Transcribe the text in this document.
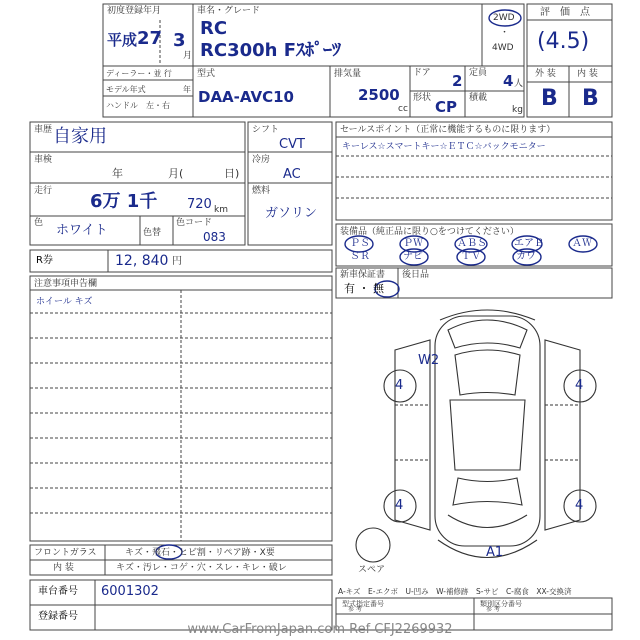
初度登録年月
平成 27 3
月
車名・グレード
RC
RC300h Fｽﾎﾟｰﾂ
2WD
・
4WD
ディーラー・並 行
モデル年式	年
ハンドル　左・右
型式
DAA-AVC10
排気量
2500
cc
ドア 2 定員 4 人
形状 CP 積載
kg
評　価　点
(4.5)
外 装 内 装
B B
車歴 自家用
車検
年	月(	日)
走行 6万 1千 720 km
色 ホワイト	色替
色コード
083
シフト
CVT
冷房
AC
燃料
ガソリン
R券	12, 840 円
セールスポイント（正常に機能するものに限ります）
キーレス☆スマートキー☆ＥＴＣ☆バックモニター
装備品（純正品に限り○をつけてください）
ＰＳ	ＰＷ	ＡＢＳ	エアＢ	ＡＷ
ＳＲ	ナビ	ＴＶ	カワ
新車保証書
有 ・ 無
後日品
注意事項申告欄
ホイール キズ
W2
4	4
4	4
A1
スペア
フロントガラス	キズ・飛石・ヒビ割・リペア跡・X要
内 装	キズ・汚レ・コゲ・穴・スレ・キレ・破レ
車台番号 6001302
登録番号
A-キズ　E-エクボ　U-凹み　W-補修跡　S-サビ　C-腐食　XX-交換済
型式指定番号	類別区分番号
参 考	参 考
www.CarFromJapan.com Ref CFJ2269932
